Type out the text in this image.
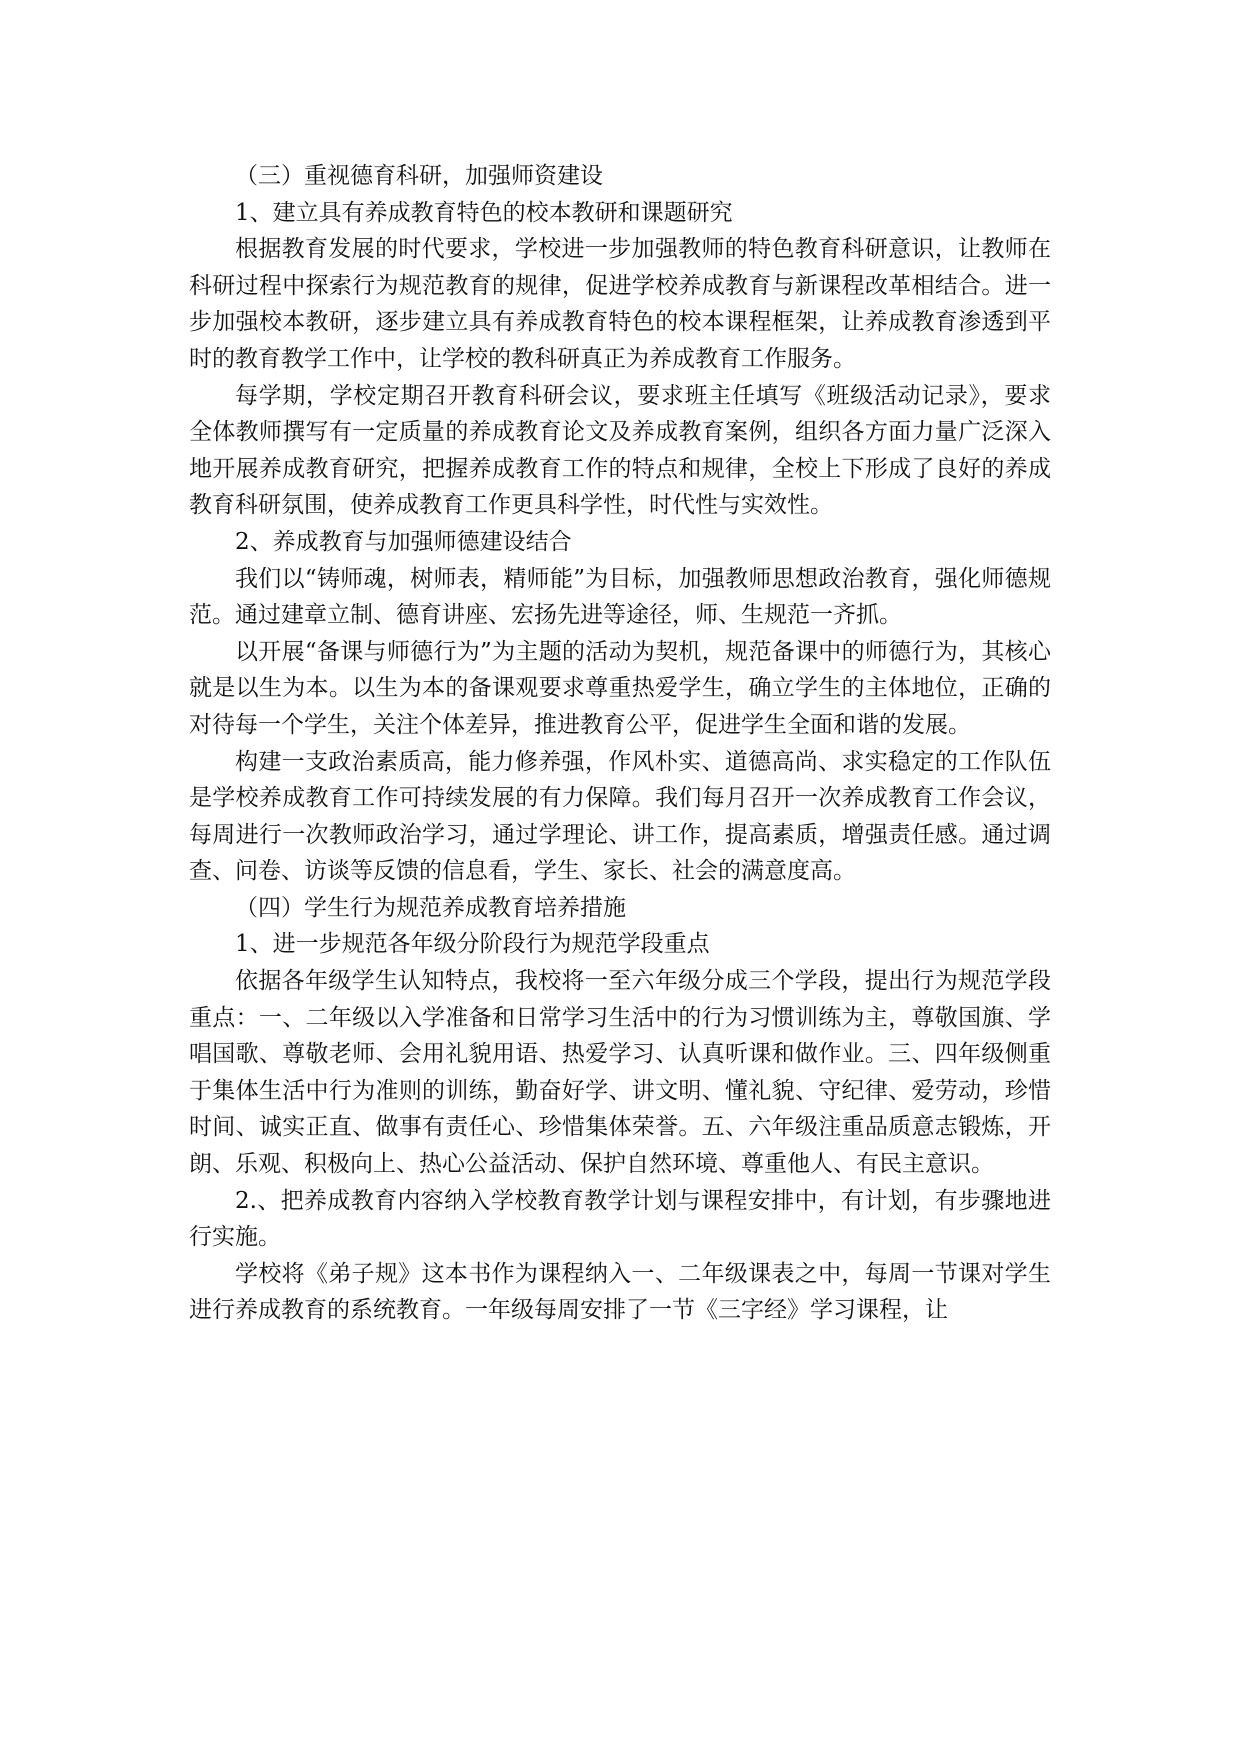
（三）重视德育科研，加强师资建设

1、建立具有养成教育特色的校本教研和课题研究

根据教育发展的时代要求，学校进一步加强教师的特色教育科研意识，让教师在科研过程中探索行为规范教育的规律，促进学校养成教育与新课程改革相结合。进一步加强校本教研，逐步建立具有养成教育特色的校本课程框架，让养成教育渗透到平时的教育教学工作中，让学校的教科研真正为养成教育工作服务。

每学期，学校定期召开教育科研会议，要求班主任填写《班级活动记录》，要求全体教师撰写有一定质量的养成教育论文及养成教育案例，组织各方面力量广泛深入地开展养成教育研究，把握养成教育工作的特点和规律，全校上下形成了良好的养成教育科研氛围，使养成教育工作更具科学性，时代性与实效性。

2、养成教育与加强师德建设结合

我们以“铸师魂，树师表，精师能”为目标，加强教师思想政治教育，强化师德规范。通过建章立制、德育讲座、宏扬先进等途径，师、生规范一齐抓。

以开展“备课与师德行为”为主题的活动为契机，规范备课中的师德行为，其核心就是以生为本。以生为本的备课观要求尊重热爱学生，确立学生的主体地位，正确的对待每一个学生，关注个体差异，推进教育公平，促进学生全面和谐的发展。

构建一支政治素质高，能力修养强，作风朴实、道德高尚、求实稳定的工作队伍是学校养成教育工作可持续发展的有力保障。我们每月召开一次养成教育工作会议，每周进行一次教师政治学习，通过学理论、讲工作，提高素质，增强责任感。通过调查、问卷、访谈等反馈的信息看，学生、家长、社会的满意度高。

（四）学生行为规范养成教育培养措施

1、进一步规范各年级分阶段行为规范学段重点

依据各年级学生认知特点，我校将一至六年级分成三个学段，提出行为规范学段重点：一、二年级以入学准备和日常学习生活中的行为习惯训练为主，尊敬国旗、学唱国歌、尊敬老师、会用礼貌用语、热爱学习、认真听课和做作业。三、四年级侧重于集体生活中行为准则的训练，勤奋好学、讲文明、懂礼貌、守纪律、爱劳动，珍惜时间、诚实正直、做事有责任心、珍惜集体荣誉。五、六年级注重品质意志锻炼，开朗、乐观、积极向上、热心公益活动、保护自然环境、尊重他人、有民主意识。

2.、把养成教育内容纳入学校教育教学计划与课程安排中，有计划，有步骤地进行实施。

学校将《弟子规》这本书作为课程纳入一、二年级课表之中，每周一节课对学生进行养成教育的系统教育。一年级每周安排了一节《三字经》学习课程，让
